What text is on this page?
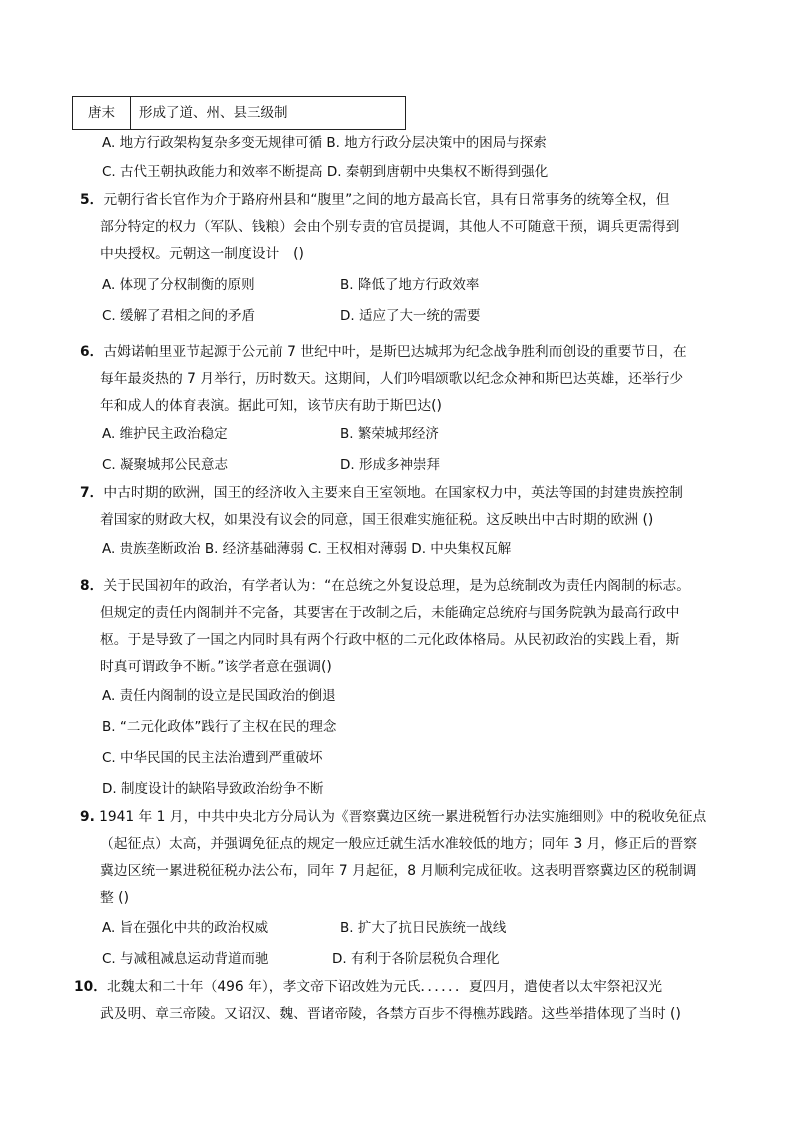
唐末	形成了道、州、县三级制
A. 地方行政架构复杂多变无规律可循 B. 地方行政分层决策中的困局与探索
C. 古代王朝执政能力和效率不断提高 D. 秦朝到唐朝中央集权不断得到强化
5．元朝行省长官作为介于路府州县和“腹里”之间的地方最高长官，具有日常事务的统筹全权，但
部分特定的权力（军队、钱粮）会由个别专责的官员提调，其他人不可随意干预，调兵更需得到
中央授权。元朝这一制度设计　()
A. 体现了分权制衡的原则	B. 降低了地方行政效率
C. 缓解了君相之间的矛盾	D. 适应了大一统的需要
6．古姆诺帕里亚节起源于公元前 7 世纪中叶，是斯巴达城邦为纪念战争胜利而创设的重要节日，在
每年最炎热的 7 月举行，历时数天。这期间，人们吟唱颂歌以纪念众神和斯巴达英雄，还举行少
年和成人的体育表演。据此可知，该节庆有助于斯巴达()
A. 维护民主政治稳定	B. 繁荣城邦经济
C. 凝聚城邦公民意志	D. 形成多神崇拜
7．中古时期的欧洲，国王的经济收入主要来自王室领地。在国家权力中，英法等国的封建贵族控制
着国家的财政大权，如果没有议会的同意，国王很难实施征税。这反映出中古时期的欧洲 ()
A. 贵族垄断政治 B. 经济基础薄弱 C. 王权相对薄弱 D. 中央集权瓦解
8．关于民国初年的政治，有学者认为：“在总统之外复设总理，是为总统制改为责任内阁制的标志。
但规定的责任内阁制并不完备，其要害在于改制之后，未能确定总统府与国务院孰为最高行政中
枢。于是导致了一国之内同时具有两个行政中枢的二元化政体格局。从民初政治的实践上看，斯
时真可谓政争不断。”该学者意在强调()
A. 责任内阁制的设立是民国政治的倒退
B. “二元化政体”践行了主权在民的理念
C. 中华民国的民主法治遭到严重破坏
D. 制度设计的缺陷导致政治纷争不断
9. 1941 年 1 月，中共中央北方分局认为《晋察冀边区统一累进税暂行办法实施细则》中的税收免征点
（起征点）太高，并强调免征点的规定一般应迁就生活水准较低的地方；同年 3 月，修正后的晋察
冀边区统一累进税征税办法公布，同年 7 月起征，8 月顺利完成征收。这表明晋察冀边区的税制调
整 ()
A. 旨在强化中共的政治权威	B. 扩大了抗日民族统一战线
C. 与减租减息运动背道而驰	D. 有利于各阶层税负合理化
10．北魏太和二十年（496 年），孝文帝下诏改姓为元氏．．．．．．夏四月，遣使者以太牢祭祀汉光
武及明、章三帝陵。又诏汉、魏、晋诸帝陵，各禁方百步不得樵苏践踏。这些举措体现了当时 ()
